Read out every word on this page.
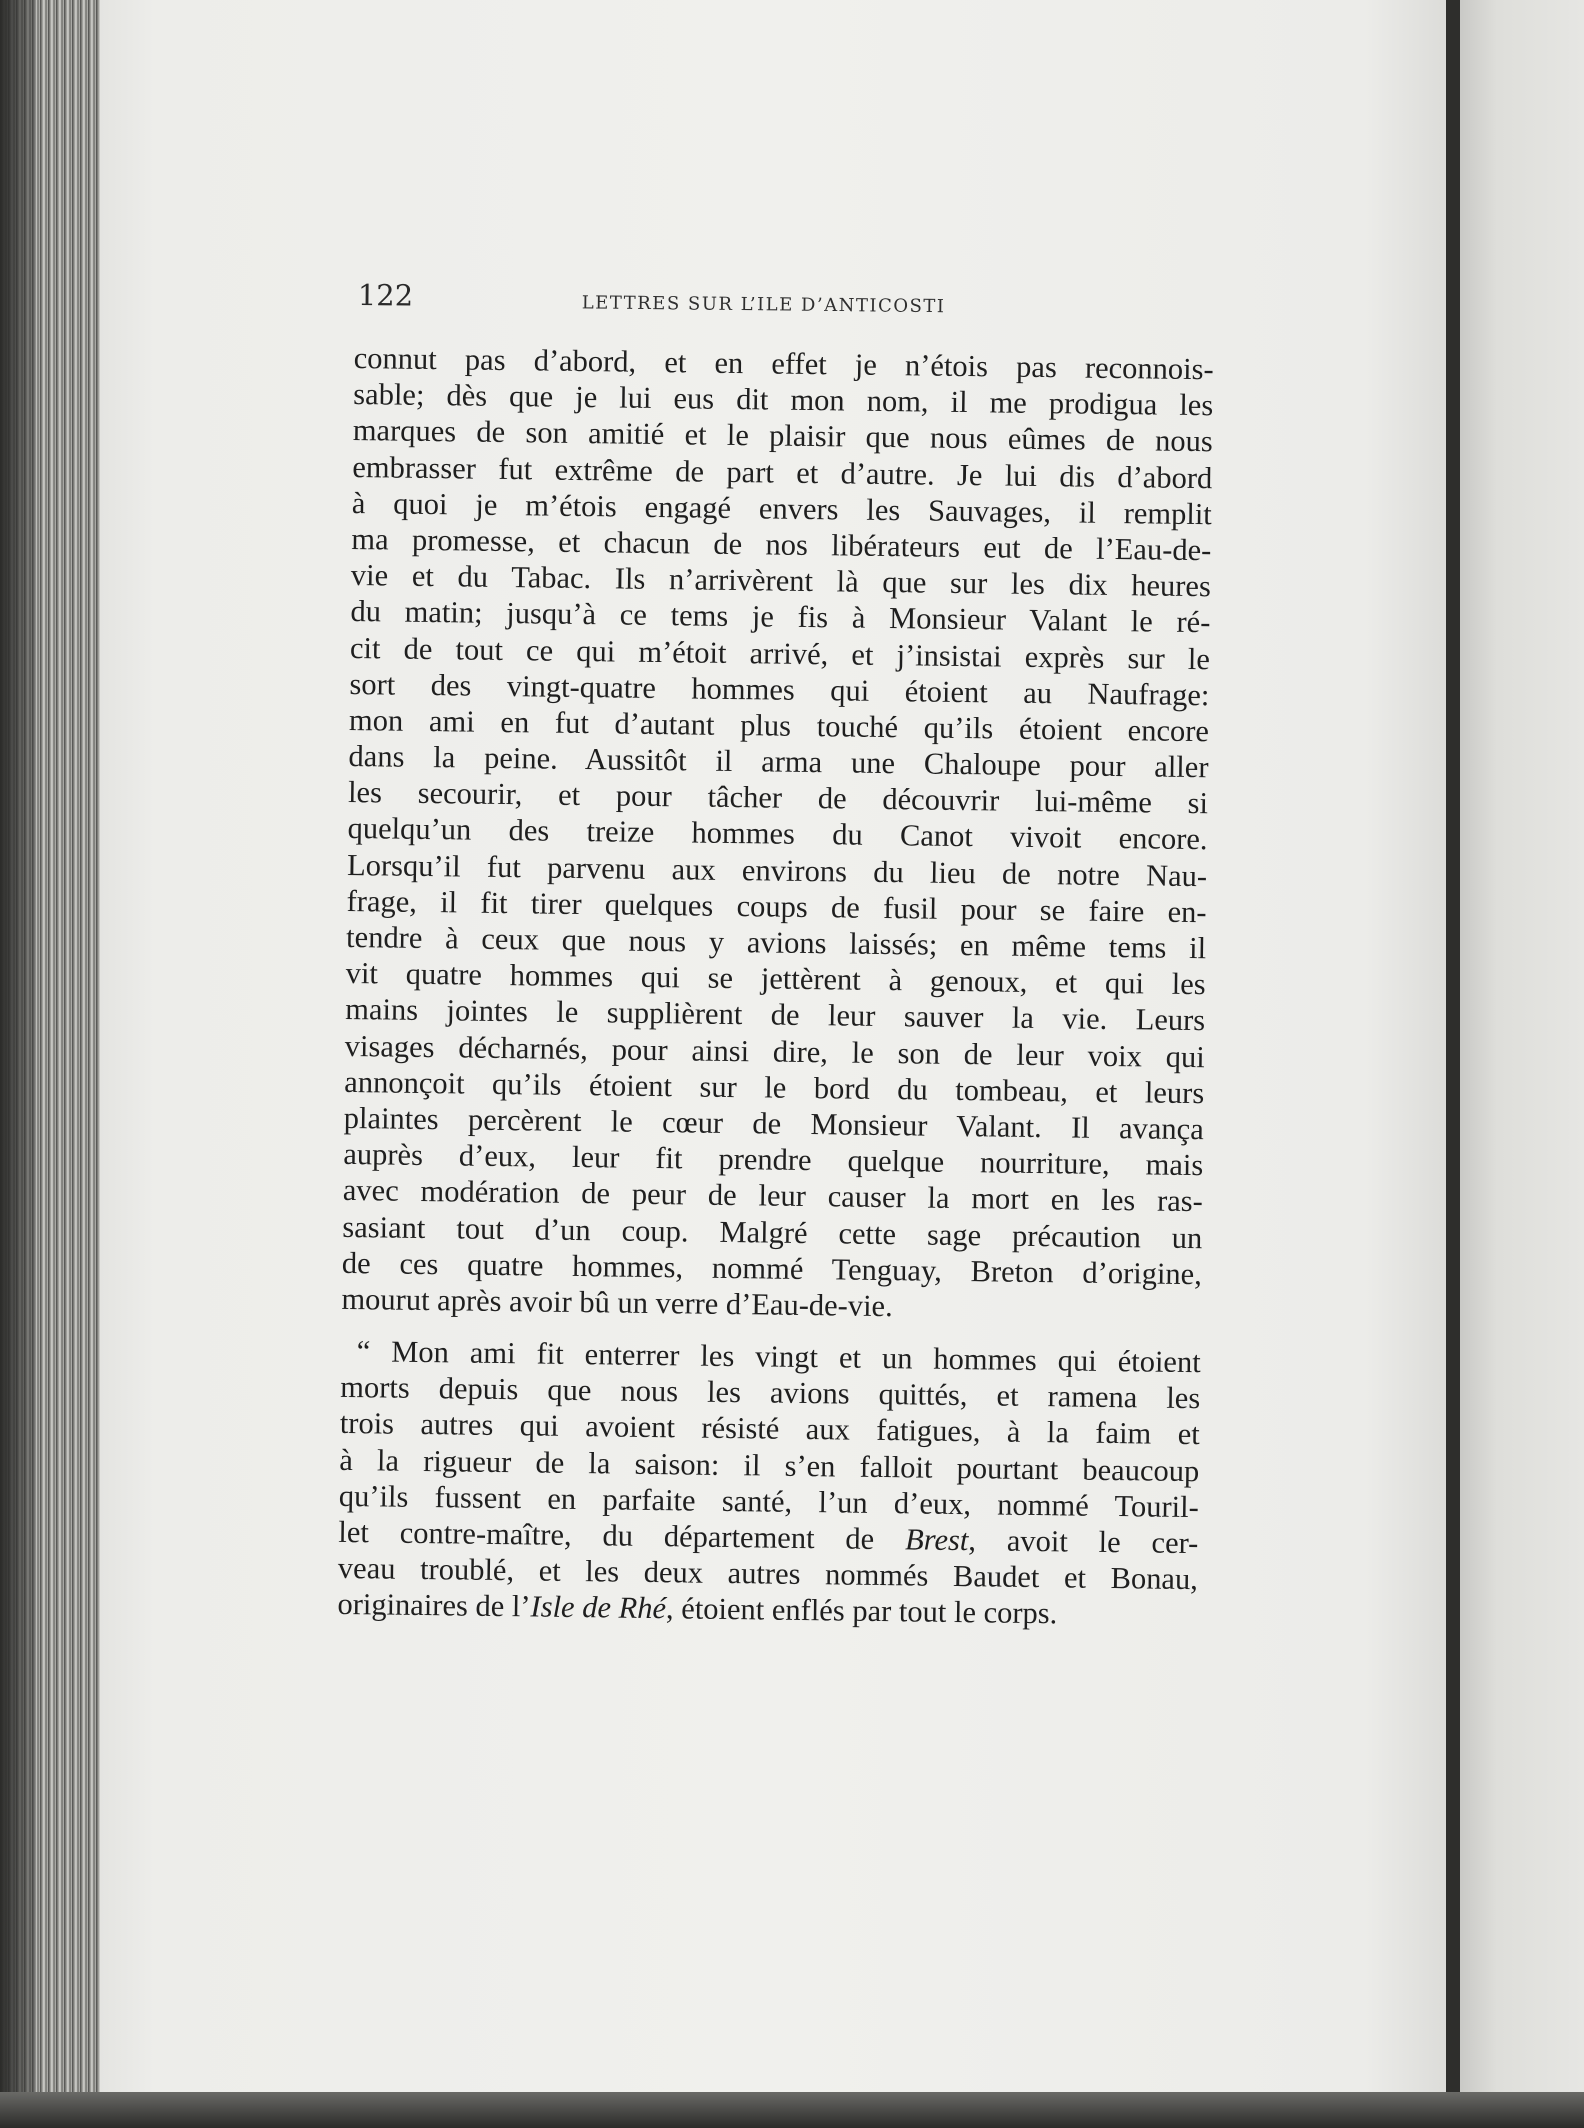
122	LETTRES SUR L’ILE D’ANTICOSTI
connut pas d’abord, et en effet je n’étois pas reconnois-
sable; dès que je lui eus dit mon nom, il me prodigua les
marques de son amitié et le plaisir que nous eûmes de nous
embrasser fut extrême de part et d’autre. Je lui dis d’abord
à quoi je m’étois engagé envers les Sauvages, il remplit
ma promesse, et chacun de nos libérateurs eut de l’Eau-de-
vie et du Tabac. Ils n’arrivèrent là que sur les dix heures
du matin; jusqu’à ce tems je fis à Monsieur Valant le ré-
cit de tout ce qui m’étoit arrivé, et j’insistai exprès sur le
sort des vingt-quatre hommes qui étoient au Naufrage:
mon ami en fut d’autant plus touché qu’ils étoient encore
dans la peine. Aussitôt il arma une Chaloupe pour aller
les secourir, et pour tâcher de découvrir lui-même si
quelqu’un des treize hommes du Canot vivoit encore.
Lorsqu’il fut parvenu aux environs du lieu de notre Nau-
frage, il fit tirer quelques coups de fusil pour se faire en-
tendre à ceux que nous y avions laissés; en même tems il
vit quatre hommes qui se jettèrent à genoux, et qui les
mains jointes le supplièrent de leur sauver la vie. Leurs
visages décharnés, pour ainsi dire, le son de leur voix qui
annonçoit qu’ils étoient sur le bord du tombeau, et leurs
plaintes percèrent le cœur de Monsieur Valant. Il avança
auprès d’eux, leur fit prendre quelque nourriture, mais
avec modération de peur de leur causer la mort en les ras-
sasiant tout d’un coup. Malgré cette sage précaution un
de ces quatre hommes, nommé Tenguay, Breton d’origine,
mourut après avoir bû un verre d’Eau-de-vie.
“ Mon ami fit enterrer les vingt et un hommes qui étoient
morts depuis que nous les avions quittés, et ramena les
trois autres qui avoient résisté aux fatigues, à la faim et
à la rigueur de la saison: il s’en falloit pourtant beaucoup
qu’ils fussent en parfaite santé, l’un d’eux, nommé Touril-
let contre-maître, du département de Brest, avoit le cer-
veau troublé, et les deux autres nommés Baudet et Bonau,
originaires de l’Isle de Rhé, étoient enflés par tout le corps.
